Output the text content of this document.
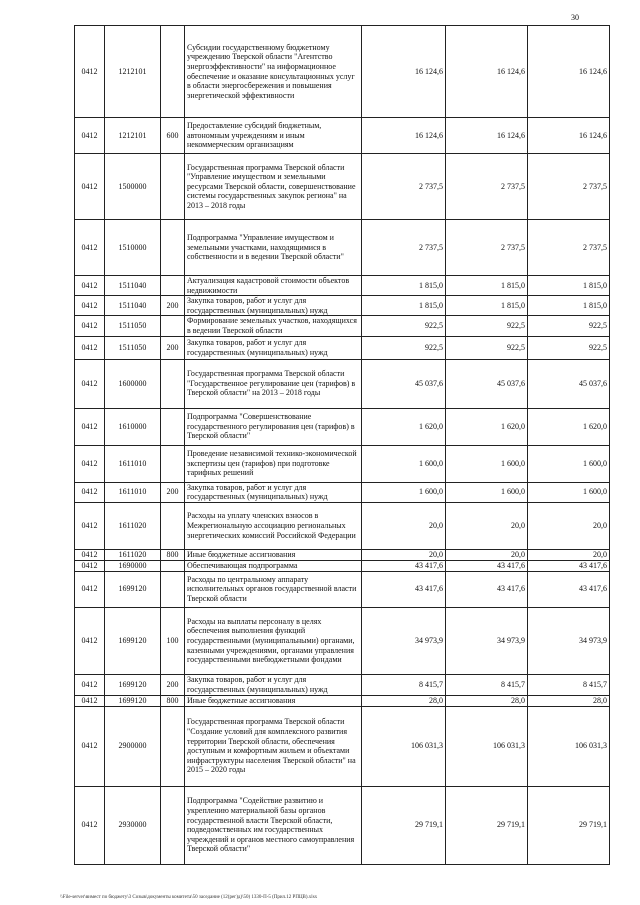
30
0412	1212101		Субсидии государственному бюджетному учреждению Тверской области "Агентство энергоэффективности" на информационное обеспечение и оказание консультационных услуг в области энергосбережения и повышения энергетической эффективности	16 124,6	16 124,6	16 124,6
0412	1212101	600	Предоставление субсидий бюджетным, автономным учреждениям и иным некоммерческим организациям	16 124,6	16 124,6	16 124,6
0412	1500000		Государственная программа Тверской области "Управление имуществом и земельными ресурсами Тверской области, совершенствование системы государственных закупок региона" на 2013 – 2018 годы	2 737,5	2 737,5	2 737,5
0412	1510000		Подпрограмма "Управление имуществом и земельными участками, находящимися в собственности и в ведении Тверской области"	2 737,5	2 737,5	2 737,5
0412	1511040		Актуализация кадастровой стоимости объектов недвижимости	1 815,0	1 815,0	1 815,0
0412	1511040	200	Закупка товаров, работ и услуг для государственных (муниципальных) нужд	1 815,0	1 815,0	1 815,0
0412	1511050		Формирование земельных участков, находящихся в ведении Тверской области	922,5	922,5	922,5
0412	1511050	200	Закупка товаров, работ и услуг для государственных (муниципальных) нужд	922,5	922,5	922,5
0412	1600000		Государственная программа Тверской области "Государственное регулирование цен (тарифов) в Тверской области" на 2013 – 2018 годы	45 037,6	45 037,6	45 037,6
0412	1610000		Подпрограмма "Совершенствование государственного регулирования цен (тарифов) в Тверской области"	1 620,0	1 620,0	1 620,0
0412	1611010		Проведение независимой технико-экономической экспертизы цен (тарифов) при подготовке тарифных решений	1 600,0	1 600,0	1 600,0
0412	1611010	200	Закупка товаров, работ и услуг для государственных (муниципальных) нужд	1 600,0	1 600,0	1 600,0
0412	1611020		Расходы на уплату членских взносов в Межрегиональную ассоциацию региональных энергетических комиссий Российской Федерации	20,0	20,0	20,0
0412	1611020	800	Иные бюджетные ассигнования	20,0	20,0	20,0
0412	1690000		Обеспечивающая подпрограмма	43 417,6	43 417,6	43 417,6
0412	1699120		Расходы по центральному аппарату исполнительных органов государственной власти Тверской области	43 417,6	43 417,6	43 417,6
0412	1699120	100	Расходы на выплаты персоналу в целях обеспечения выполнения функций государственными (муниципальными) органами, казенными учреждениями, органами управления государственными внебюджетными фондами	34 973,9	34 973,9	34 973,9
0412	1699120	200	Закупка товаров, работ и услуг для государственных (муниципальных) нужд	8 415,7	8 415,7	8 415,7
0412	1699120	800	Иные бюджетные ассигнования	28,0	28,0	28,0
0412	2900000		Государственная программа Тверской области "Создание условий для комплексного развития территории Тверской области, обеспечения доступным и комфортным жильем и объектами инфраструктуры населения Тверской области" на 2015 – 2020 годы	106 031,3	106 031,3	106 031,3
0412	2930000		Подпрограмма "Содействие развитию и укреплению материальной базы органов государственной власти Тверской области, подведомственных им государственных учреждений и органов местного самоуправления Тверской области"	29 719,1	29 719,1	29 719,1
\\File-server\вимест по бюджету\3 Созыв\документы комитета\50 заседание (12(рег)д)\50) 1330-П-5 (Прил.12 РПЦВ).xlsx
